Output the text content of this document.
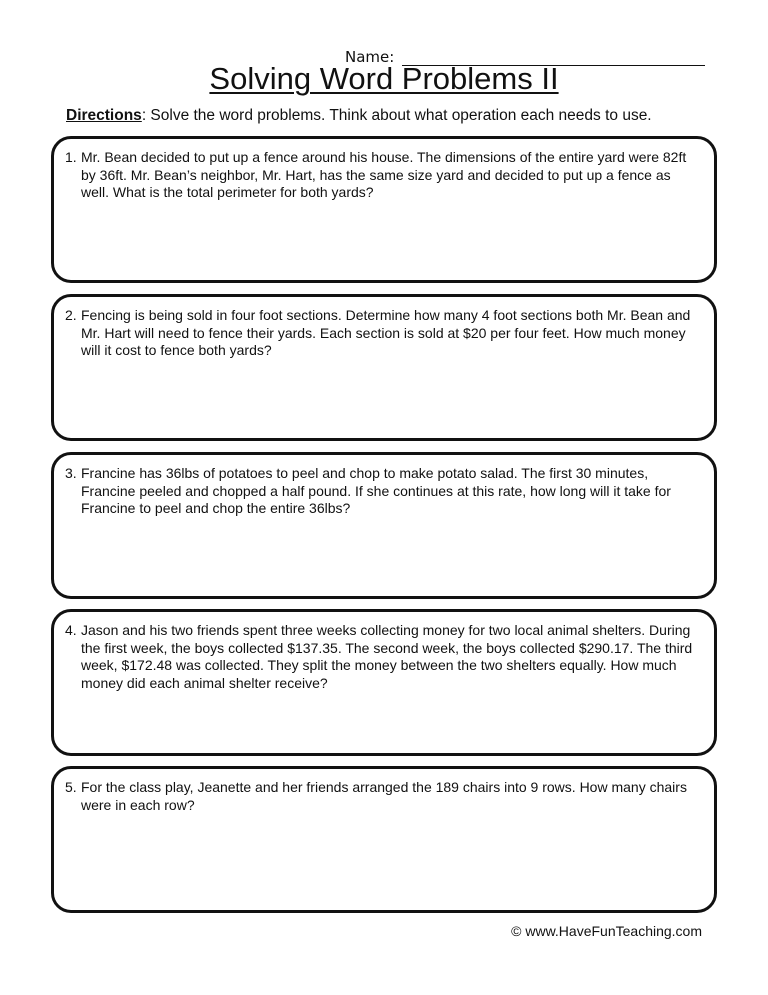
Name:
Solving Word Problems II
Directions: Solve the word problems. Think about what operation each needs to use.
1. Mr. Bean decided to put up a fence around his house. The dimensions of the entire yard were 82ft by 36ft. Mr. Bean’s neighbor, Mr. Hart, has the same size yard and decided to put up a fence as well. What is the total perimeter for both yards?
2. Fencing is being sold in four foot sections. Determine how many 4 foot sections both Mr. Bean and Mr. Hart will need to fence their yards. Each section is sold at $20 per four feet. How much money will it cost to fence both yards?
3. Francine has 36lbs of potatoes to peel and chop to make potato salad. The first 30 minutes, Francine peeled and chopped a half pound. If she continues at this rate, how long will it take for Francine to peel and chop the entire 36lbs?
4. Jason and his two friends spent three weeks collecting money for two local animal shelters. During the first week, the boys collected $137.35. The second week, the boys collected $290.17. The third week, $172.48 was collected. They split the money between the two shelters equally. How much money did each animal shelter receive?
5. For the class play, Jeanette and her friends arranged the 189 chairs into 9 rows. How many chairs were in each row?
© www.HaveFunTeaching.com
